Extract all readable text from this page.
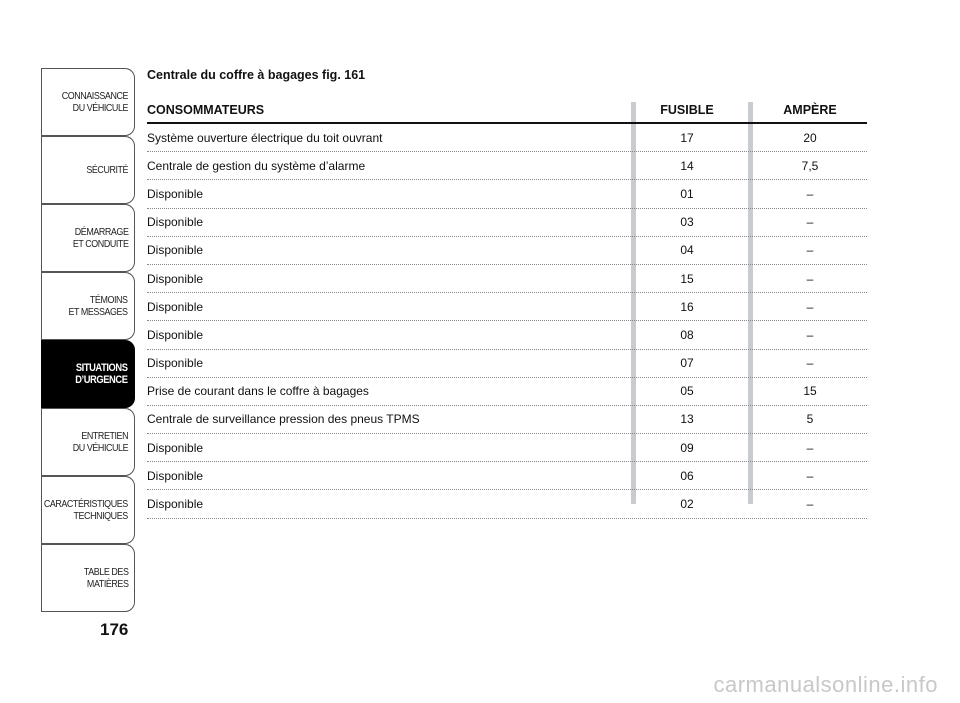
CONNAISSANCE
DU VÉHICULE
SÉCURITÉ
DÉMARRAGE
ET CONDUITE
TÉMOINS
ET MESSAGES
SITUATIONS
D’URGENCE
ENTRETIEN
DU VÉHICULE
CARACTÉRISTIQUES
TECHNIQUES
TABLE DES
MATIÈRES
176
Centrale du coffre à bagages fig. 161
CONSOMMATEURS	FUSIBLE	AMPÈRE
Système ouverture électrique du toit ouvrant	17	20
Centrale de gestion du système d’alarme	14	7,5
Disponible	01	–
Disponible	03	–
Disponible	04	–
Disponible	15	–
Disponible	16	–
Disponible	08	–
Disponible	07	–
Prise de courant dans le coffre à bagages	05	15
Centrale de surveillance pression des pneus TPMS	13	5
Disponible	09	–
Disponible	06	–
Disponible	02	–
carmanualsonline.info
